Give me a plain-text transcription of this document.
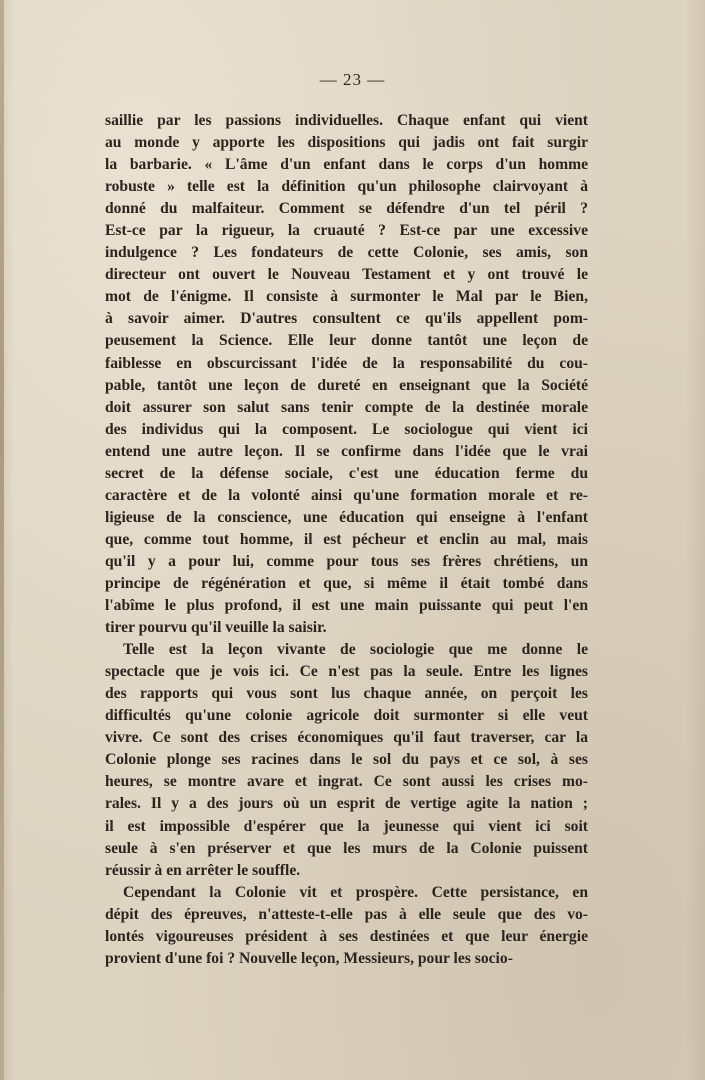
— 23 —
saillie par les passions individuelles. Chaque enfant qui vient
au monde y apporte les dispositions qui jadis ont fait surgir
la barbarie. « L'âme d'un enfant dans le corps d'un homme
robuste » telle est la définition qu'un philosophe clairvoyant à
donné du malfaiteur. Comment se défendre d'un tel péril ?
Est-ce par la rigueur, la cruauté ? Est-ce par une excessive
indulgence ? Les fondateurs de cette Colonie, ses amis, son
directeur ont ouvert le Nouveau Testament et y ont trouvé le
mot de l'énigme. Il consiste à surmonter le Mal par le Bien,
à savoir aimer. D'autres consultent ce qu'ils appellent pom-
peusement la Science. Elle leur donne tantôt une leçon de
faiblesse en obscurcissant l'idée de la responsabilité du cou-
pable, tantôt une leçon de dureté en enseignant que la Société
doit assurer son salut sans tenir compte de la destinée morale
des individus qui la composent. Le sociologue qui vient ici
entend une autre leçon. Il se confirme dans l'idée que le vrai
secret de la défense sociale, c'est une éducation ferme du
caractère et de la volonté ainsi qu'une formation morale et re-
ligieuse de la conscience, une éducation qui enseigne à l'enfant
que, comme tout homme, il est pécheur et enclin au mal, mais
qu'il y a pour lui, comme pour tous ses frères chrétiens, un
principe de régénération et que, si même il était tombé dans
l'abîme le plus profond, il est une main puissante qui peut l'en
tirer pourvu qu'il veuille la saisir.
Telle est la leçon vivante de sociologie que me donne le
spectacle que je vois ici. Ce n'est pas la seule. Entre les lignes
des rapports qui vous sont lus chaque année, on perçoit les
difficultés qu'une colonie agricole doit surmonter si elle veut
vivre. Ce sont des crises économiques qu'il faut traverser, car la
Colonie plonge ses racines dans le sol du pays et ce sol, à ses
heures, se montre avare et ingrat. Ce sont aussi les crises mo-
rales. Il y a des jours où un esprit de vertige agite la nation ;
il est impossible d'espérer que la jeunesse qui vient ici soit
seule à s'en préserver et que les murs de la Colonie puissent
réussir à en arrêter le souffle.
Cependant la Colonie vit et prospère. Cette persistance, en
dépit des épreuves, n'atteste-t-elle pas à elle seule que des vo-
lontés vigoureuses président à ses destinées et que leur énergie
provient d'une foi ? Nouvelle leçon, Messieurs, pour les socio-
